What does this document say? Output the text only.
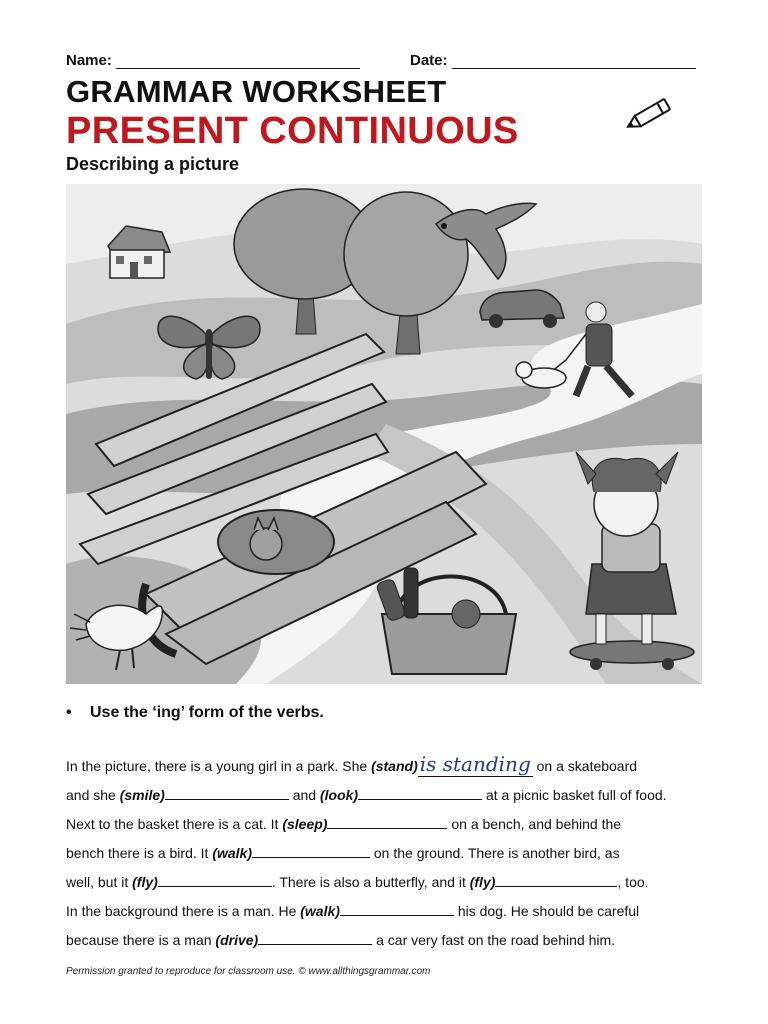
Name:	Date:
GRAMMAR WORKSHEET
PRESENT CONTINUOUS
Describing a picture
• Use the ‘ing’ form of the verbs.

In the picture, there is a young girl in a park. She (stand) is standing on a skateboard

and she (smile)	and (look)	at a picnic basket full of food.

Next to the basket there is a cat. It (sleep)	on a bench, and behind the

bench there is a bird. It (walk)	on the ground. There is another bird, as

well, but it (fly)	. There is also a butterfly, and it (fly)	, too.

In the background there is a man. He (walk)	his dog. He should be careful

because there is a man (drive)	a car very fast on the road behind him.

Permission granted to reproduce for classroom use. © www.allthingsgrammar.com
